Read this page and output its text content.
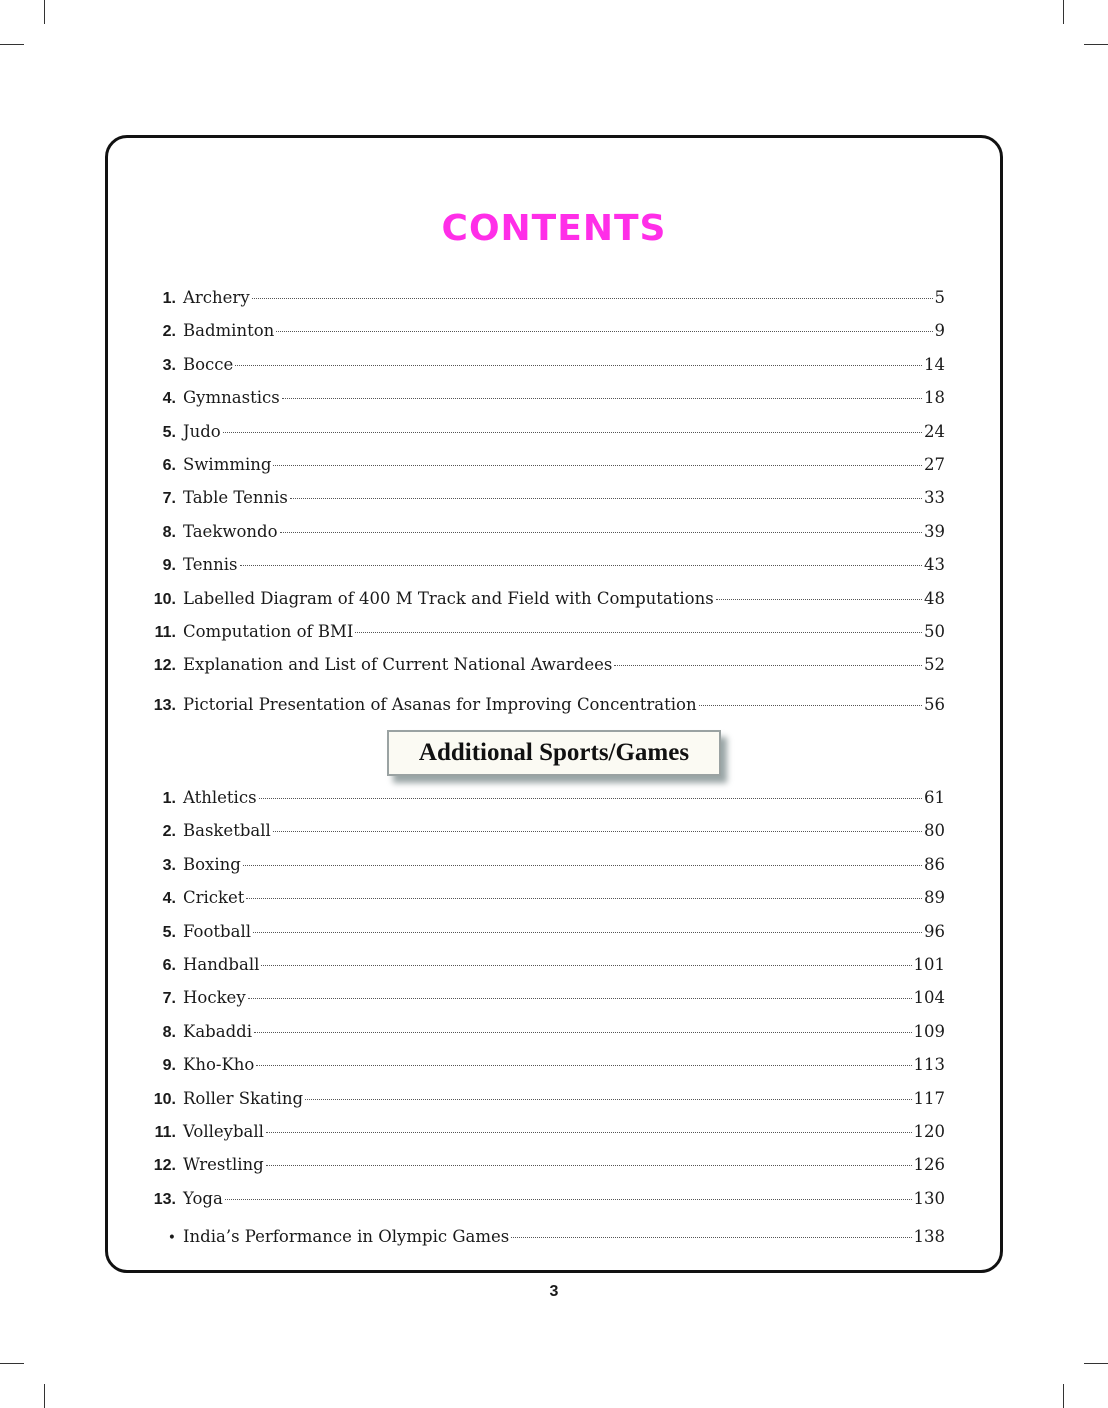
CONTENTS
1. Archery	5
2. Badminton	9
3. Bocce	14
4. Gymnastics	18
5. Judo	24
6. Swimming	27
7. Table Tennis	33
8. Taekwondo	39
9. Tennis	43
10. Labelled Diagram of 400 M Track and Field with Computations	48
11. Computation of BMI	50
12. Explanation and List of Current National Awardees	52
13. Pictorial Presentation of Asanas for Improving Concentration	56
Additional Sports/Games
1. Athletics	61
2. Basketball	80
3. Boxing	86
4. Cricket	89
5. Football	96
6. Handball	101
7. Hockey	104
8. Kabaddi	109
9. Kho-Kho	113
10. Roller Skating	117
11. Volleyball	120
12. Wrestling	126
13. Yoga	130
• India’s Performance in Olympic Games	138
3
